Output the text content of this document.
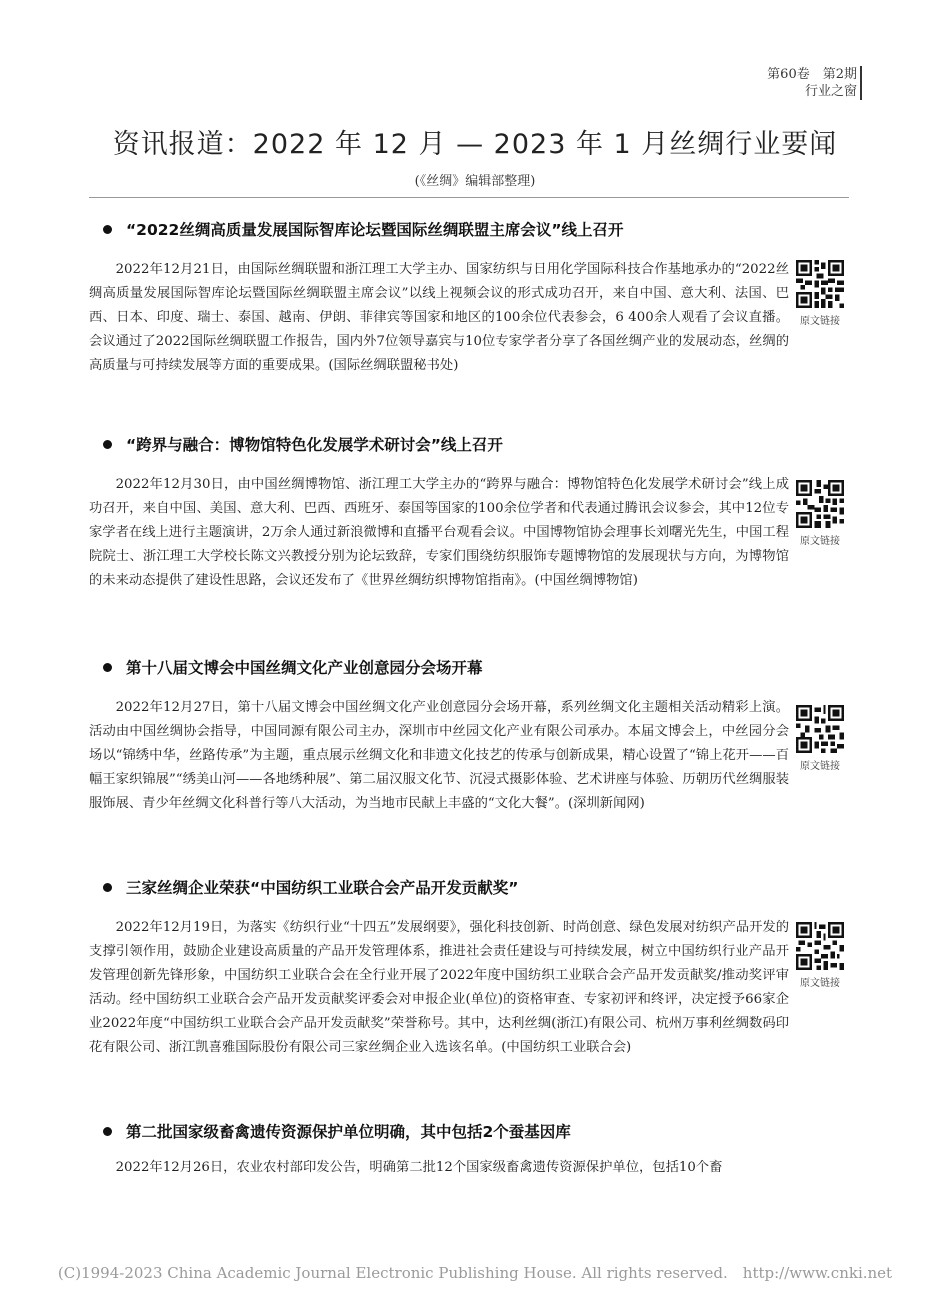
第60卷　第2期
行业之窗
资讯报道：2022 年 12 月 — 2023 年 1 月丝绸行业要闻
(《丝绸》编辑部整理)
“2022丝绸高质量发展国际智库论坛暨国际丝绸联盟主席会议”线上召开
2022年12月21日，由国际丝绸联盟和浙江理工大学主办、国家纺织与日用化学国际科技合作基地承办的“2022丝绸高质量发展国际智库论坛暨国际丝绸联盟主席会议”以线上视频会议的形式成功召开，来自中国、意大利、法国、巴西、日本、印度、瑞士、泰国、越南、伊朗、菲律宾等国家和地区的100余位代表参会，6 400余人观看了会议直播。会议通过了2022国际丝绸联盟工作报告，国内外7位领导嘉宾与10位专家学者分享了各国丝绸产业的发展动态，丝绸的高质量与可持续发展等方面的重要成果。(国际丝绸联盟秘书处)
原文链接
“跨界与融合：博物馆特色化发展学术研讨会”线上召开
2022年12月30日，由中国丝绸博物馆、浙江理工大学主办的“跨界与融合：博物馆特色化发展学术研讨会”线上成功召开，来自中国、美国、意大利、巴西、西班牙、泰国等国家的100余位学者和代表通过腾讯会议参会，其中12位专家学者在线上进行主题演讲，2万余人通过新浪微博和直播平台观看会议。中国博物馆协会理事长刘曙光先生，中国工程院院士、浙江理工大学校长陈文兴教授分别为论坛致辞，专家们围绕纺织服饰专题博物馆的发展现状与方向，为博物馆的未来动态提供了建设性思路，会议还发布了《世界丝绸纺织博物馆指南》。(中国丝绸博物馆)
原文链接
第十八届文博会中国丝绸文化产业创意园分会场开幕
2022年12月27日，第十八届文博会中国丝绸文化产业创意园分会场开幕，系列丝绸文化主题相关活动精彩上演。活动由中国丝绸协会指导，中国同源有限公司主办，深圳市中丝园文化产业有限公司承办。本届文博会上，中丝园分会场以“锦绣中华，丝路传承”为主题，重点展示丝绸文化和非遗文化技艺的传承与创新成果，精心设置了“锦上花开——百幅王家织锦展”“绣美山河——各地绣种展”、第二届汉服文化节、沉浸式摄影体验、艺术讲座与体验、历朝历代丝绸服装服饰展、青少年丝绸文化科普行等八大活动，为当地市民献上丰盛的“文化大餐”。(深圳新闻网)
原文链接
三家丝绸企业荣获“中国纺织工业联合会产品开发贡献奖”
2022年12月19日，为落实《纺织行业“十四五”发展纲要》，强化科技创新、时尚创意、绿色发展对纺织产品开发的支撑引领作用，鼓励企业建设高质量的产品开发管理体系，推进社会责任建设与可持续发展，树立中国纺织行业产品开发管理创新先锋形象，中国纺织工业联合会在全行业开展了2022年度中国纺织工业联合会产品开发贡献奖/推动奖评审活动。经中国纺织工业联合会产品开发贡献奖评委会对申报企业(单位)的资格审查、专家初评和终评，决定授予66家企业2022年度“中国纺织工业联合会产品开发贡献奖”荣誉称号。其中，达利丝绸(浙江)有限公司、杭州万事利丝绸数码印花有限公司、浙江凯喜雅国际股份有限公司三家丝绸企业入选该名单。(中国纺织工业联合会)
原文链接
第二批国家级畜禽遗传资源保护单位明确，其中包括2个蚕基因库
2022年12月26日，农业农村部印发公告，明确第二批12个国家级畜禽遗传资源保护单位，包括10个畜
(C)1994-2023 China Academic Journal Electronic Publishing House. All rights reserved.　http://www.cnki.net
